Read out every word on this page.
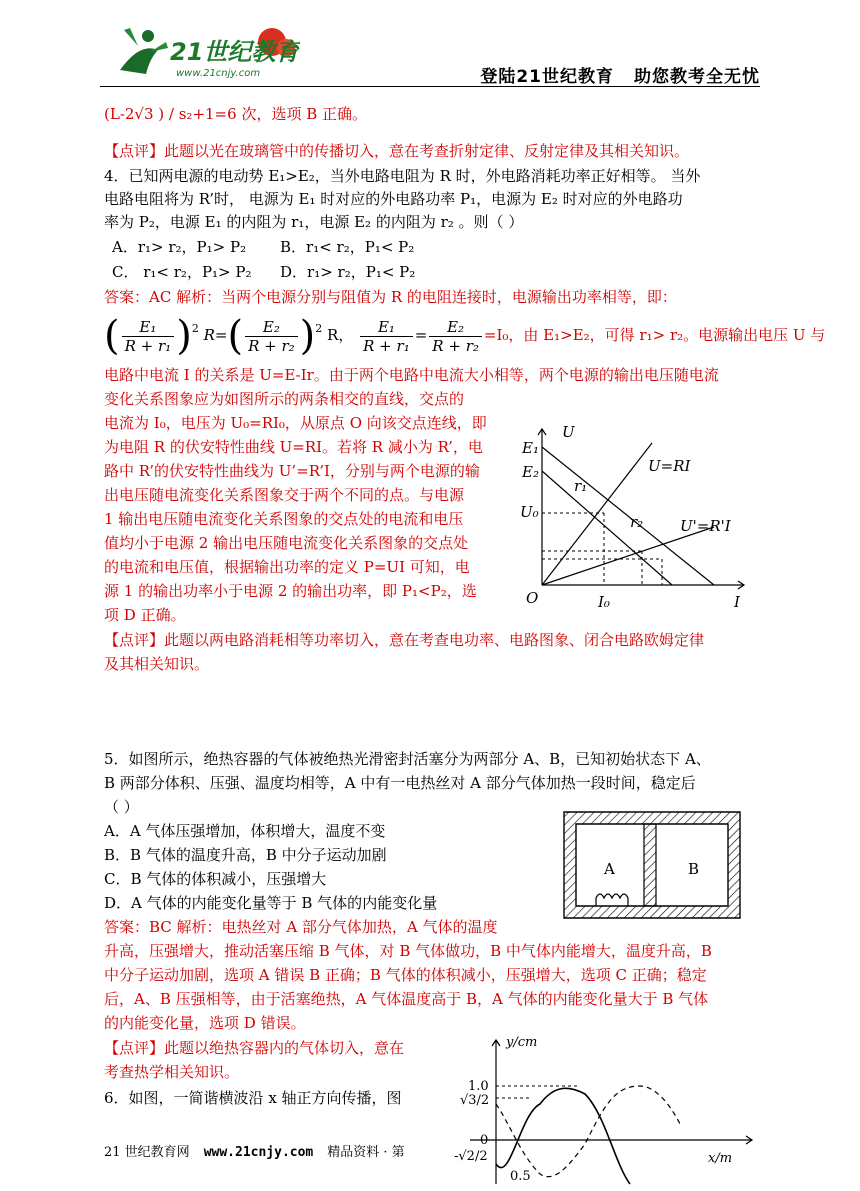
21世纪教育
www.21cnjy.com	登陆21世纪教育 助您教考全无忧
(L-2√3 ) / s₂+1=6 次，选项 B 正确。
【点评】此题以光在玻璃管中的传播切入，意在考查折射定律、反射定律及其相关知识。
4．已知两电源的电动势 E₁>E₂，当外电路电阻为 R 时，外电路消耗功率正好相等。 当外
电路电阻将为 R’时， 电源为 E₁ 时对应的外电路功率 P₁，电源为 E₂ 时对应的外电路功
率为 P₂，电源 E₁ 的内阻为 r₁，电源 E₂ 的内阻为 r₂ 。则（ ）
A．r₁> r₂，P₁> P₂ B．r₁< r₂，P₁< P₂
C． r₁< r₂，P₁> P₂ D．r₁> r₂，P₁< P₂
答案：AC 解析：当两个电源分别与阻值为 R 的电阻连接时，电源输出功率相等，即：
( $\frac{\text{E₁}}{\text{R + r₁}} )^2$ $R=( \frac{\text{E₂}}{\text{R + r₂}} )^2$ R， $\frac{\text{E₁}}{\text{R + r₁}} = \frac{\text{E₂}}{\text{R + r₂}} =I_0$，由 E₁>E₂，可得 r₁> r₂。电源输出电压 U 与
电路中电流 I 的关系是 U=E-Ir。由于两个电路中电流大小相等，两个电源的输出电压随电流
变化关系图象应为如图所示的两条相交的直线，交点的
电流为 I₀，电压为 U₀=RI₀，从原点 O 向该交点连线，即
为电阻 R 的伏安特性曲线 U=RI。若将 R 减小为 R’，电
路中 R’的伏安特性曲线为 U’=R’I，分别与两个电源的输
出电压随电流变化关系图象交于两个不同的点。与电源
1 输出电压随电流变化关系图象的交点处的电流和电压
值均小于电源 2 输出电压随电流变化关系图象的交点处
的电流和电压值，根据输出功率的定义 P=UI 可知，电
源 1 的输出功率小于电源 2 的输出功率，即 P₁<P₂，选
项 D 正确。
【点评】此题以两电路消耗相等功率切入，意在考查电功率、电路图象、闭合电路欧姆定律
及其相关知识。
U
E₁
E₂
U₀
r₁
r₂
U=RI
U'=R'I
O	I₀	I
5．如图所示，绝热容器的气体被绝热光滑密封活塞分为两部分 A、B，已知初始状态下 A、
B 两部分体积、压强、温度均相等，A 中有一电热丝对 A 部分气体加热一段时间，稳定后
（ ）
A．A 气体压强增加，体积增大，温度不变
B．B 气体的温度升高，B 中分子运动加剧
C．B 气体的体积减小，压强增大
D．A 气体的内能变化量等于 B 气体的内能变化量
答案：BC 解析：电热丝对 A 部分气体加热，A 气体的温度
升高，压强增大，推动活塞压缩 B 气体，对 B 气体做功，B 中气体内能增大，温度升高，B
中分子运动加剧，选项 A 错误 B 正确；B 气体的体积减小，压强增大，选项 C 正确；稳定
后，A、B 压强相等，由于活塞绝热，A 气体温度高于 B，A 气体的内能变化量大于 B 气体
的内能变化量，选项 D 错误。
【点评】此题以绝热容器内的气体切入，意在
考查热学相关知识。
6．如图，一简谐横波沿 x 轴正方向传播，图
A	B
y/cm
1.0
√3/2
0
-√2/2
0.5
x/m
21 世纪教育网 www.21cnjy.com 精品资料 · 第
